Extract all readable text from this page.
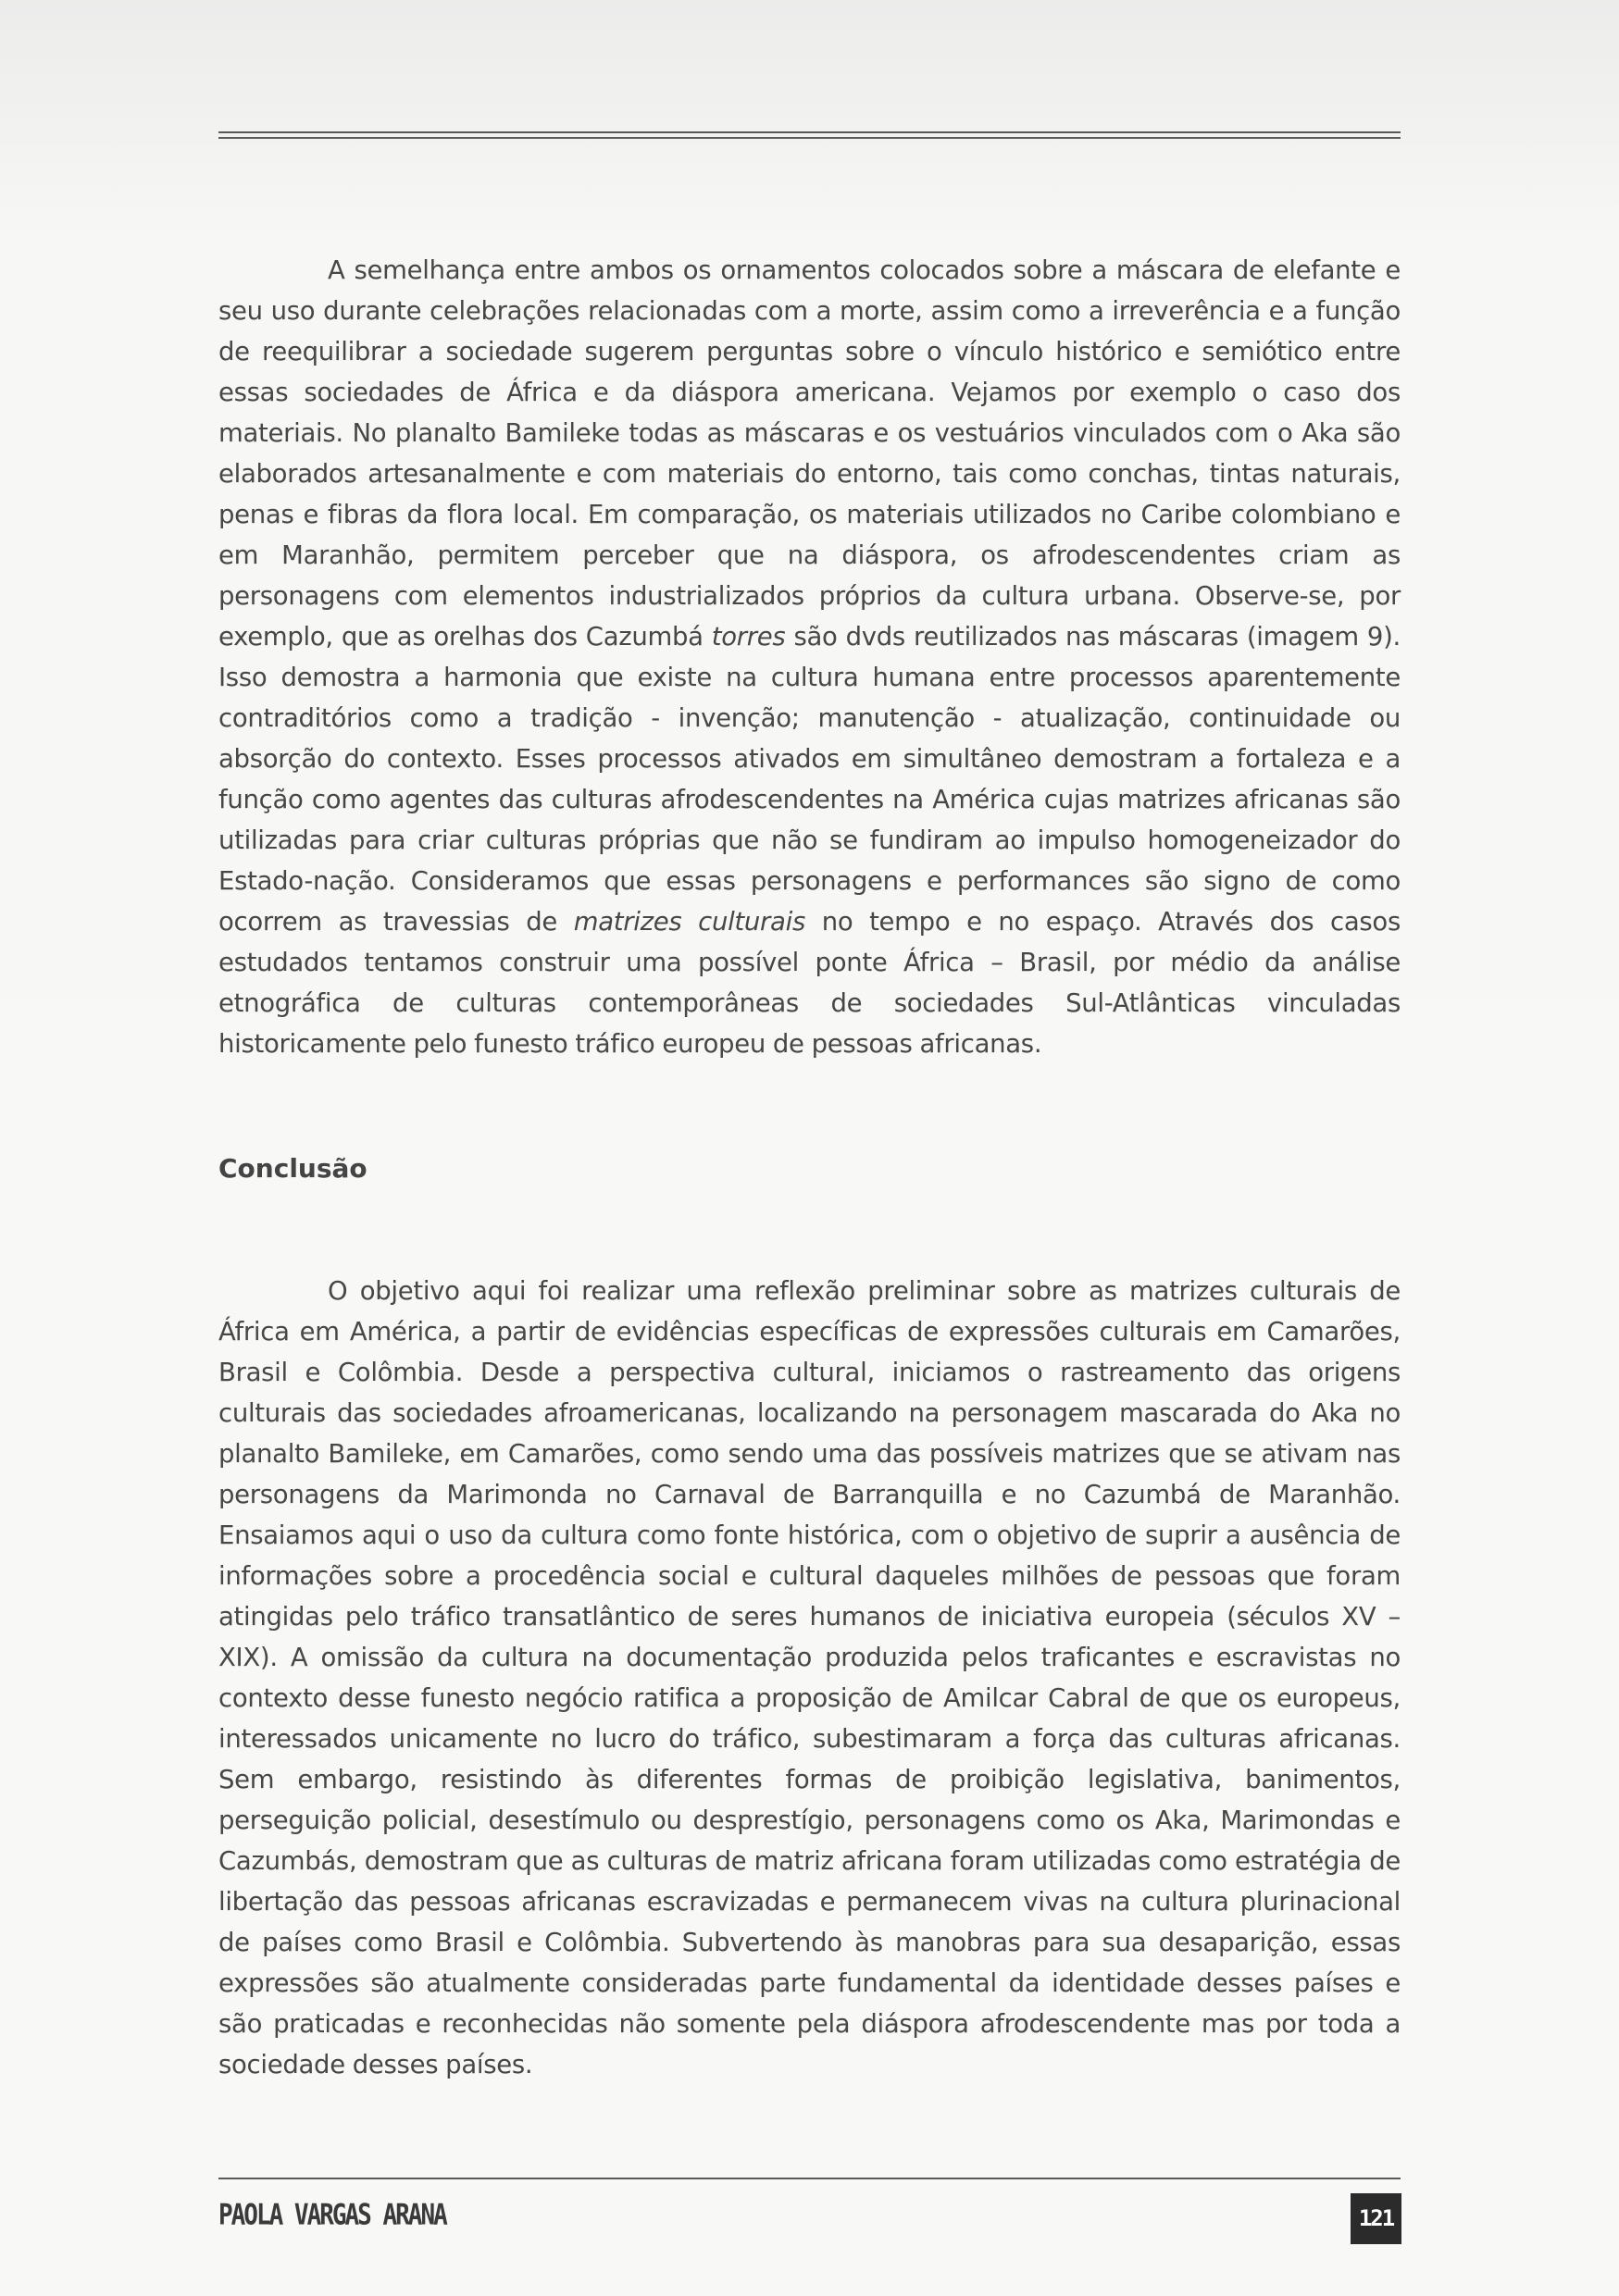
A semelhança entre ambos os ornamentos colocados sobre a máscara de elefante e seu uso durante celebrações relacionadas com a morte, assim como a irreverência e a função de reequilibrar a sociedade sugerem perguntas sobre o vínculo histórico e semiótico entre essas sociedades de África e da diáspora americana. Vejamos por exemplo o caso dos materiais. No planalto Bamileke todas as máscaras e os vestuários vinculados com o Aka são elaborados artesanalmente e com materiais do entorno, tais como conchas, tintas naturais, penas e fibras da flora local. Em comparação, os materiais utilizados no Caribe colombiano e em Maranhão, permitem perceber que na diáspora, os afrodescendentes criam as personagens com elementos industrializados próprios da cultura urbana. Observe-se, por exemplo, que as orelhas dos Cazumbá torres são dvds reutilizados nas máscaras (imagem 9). Isso demostra a harmonia que existe na cultura humana entre processos aparentemente contraditórios como a tradição - invenção; manutenção - atualização, continuidade ou absorção do contexto. Esses processos ativados em simultâneo demostram a fortaleza e a função como agentes das culturas afrodescendentes na América cujas matrizes africanas são utilizadas para criar culturas próprias que não se fundiram ao impulso homogeneizador do Estado-nação. Consideramos que essas personagens e performances são signo de como ocorrem as travessias de matrizes culturais no tempo e no espaço. Através dos casos estudados tentamos construir uma possível ponte África – Brasil, por médio da análise etnográfica de culturas contemporâneas de sociedades Sul-Atlânticas vinculadas historicamente pelo funesto tráfico europeu de pessoas africanas.

Conclusão

O objetivo aqui foi realizar uma reflexão preliminar sobre as matrizes culturais de África em América, a partir de evidências específicas de expressões culturais em Camarões, Brasil e Colômbia. Desde a perspectiva cultural, iniciamos o rastreamento das origens culturais das sociedades afroamericanas, localizando na personagem mascarada do Aka no planalto Bamileke, em Camarões, como sendo uma das possíveis matrizes que se ativam nas personagens da Marimonda no Carnaval de Barranquilla e no Cazumbá de Maranhão. Ensaiamos aqui o uso da cultura como fonte histórica, com o objetivo de suprir a ausência de informações sobre a procedência social e cultural daqueles milhões de pessoas que foram atingidas pelo tráfico transatlântico de seres humanos de iniciativa europeia (séculos XV – XIX). A omissão da cultura na documentação produzida pelos traficantes e escravistas no contexto desse funesto negócio ratifica a proposição de Amilcar Cabral de que os europeus, interessados unicamente no lucro do tráfico, subestimaram a força das culturas africanas. Sem embargo, resistindo às diferentes formas de proibição legislativa, banimentos, perseguição policial, desestímulo ou desprestígio, personagens como os Aka, Marimondas e Cazumbás, demostram que as culturas de matriz africana foram utilizadas como estratégia de libertação das pessoas africanas escravizadas e permanecem vivas na cultura plurinacional de países como Brasil e Colômbia. Subvertendo às manobras para sua desaparição, essas expressões são atualmente consideradas parte fundamental da identidade desses países e são praticadas e reconhecidas não somente pela diáspora afrodescendente mas por toda a sociedade desses países.

PAOLA VARGAS ARANA	121
